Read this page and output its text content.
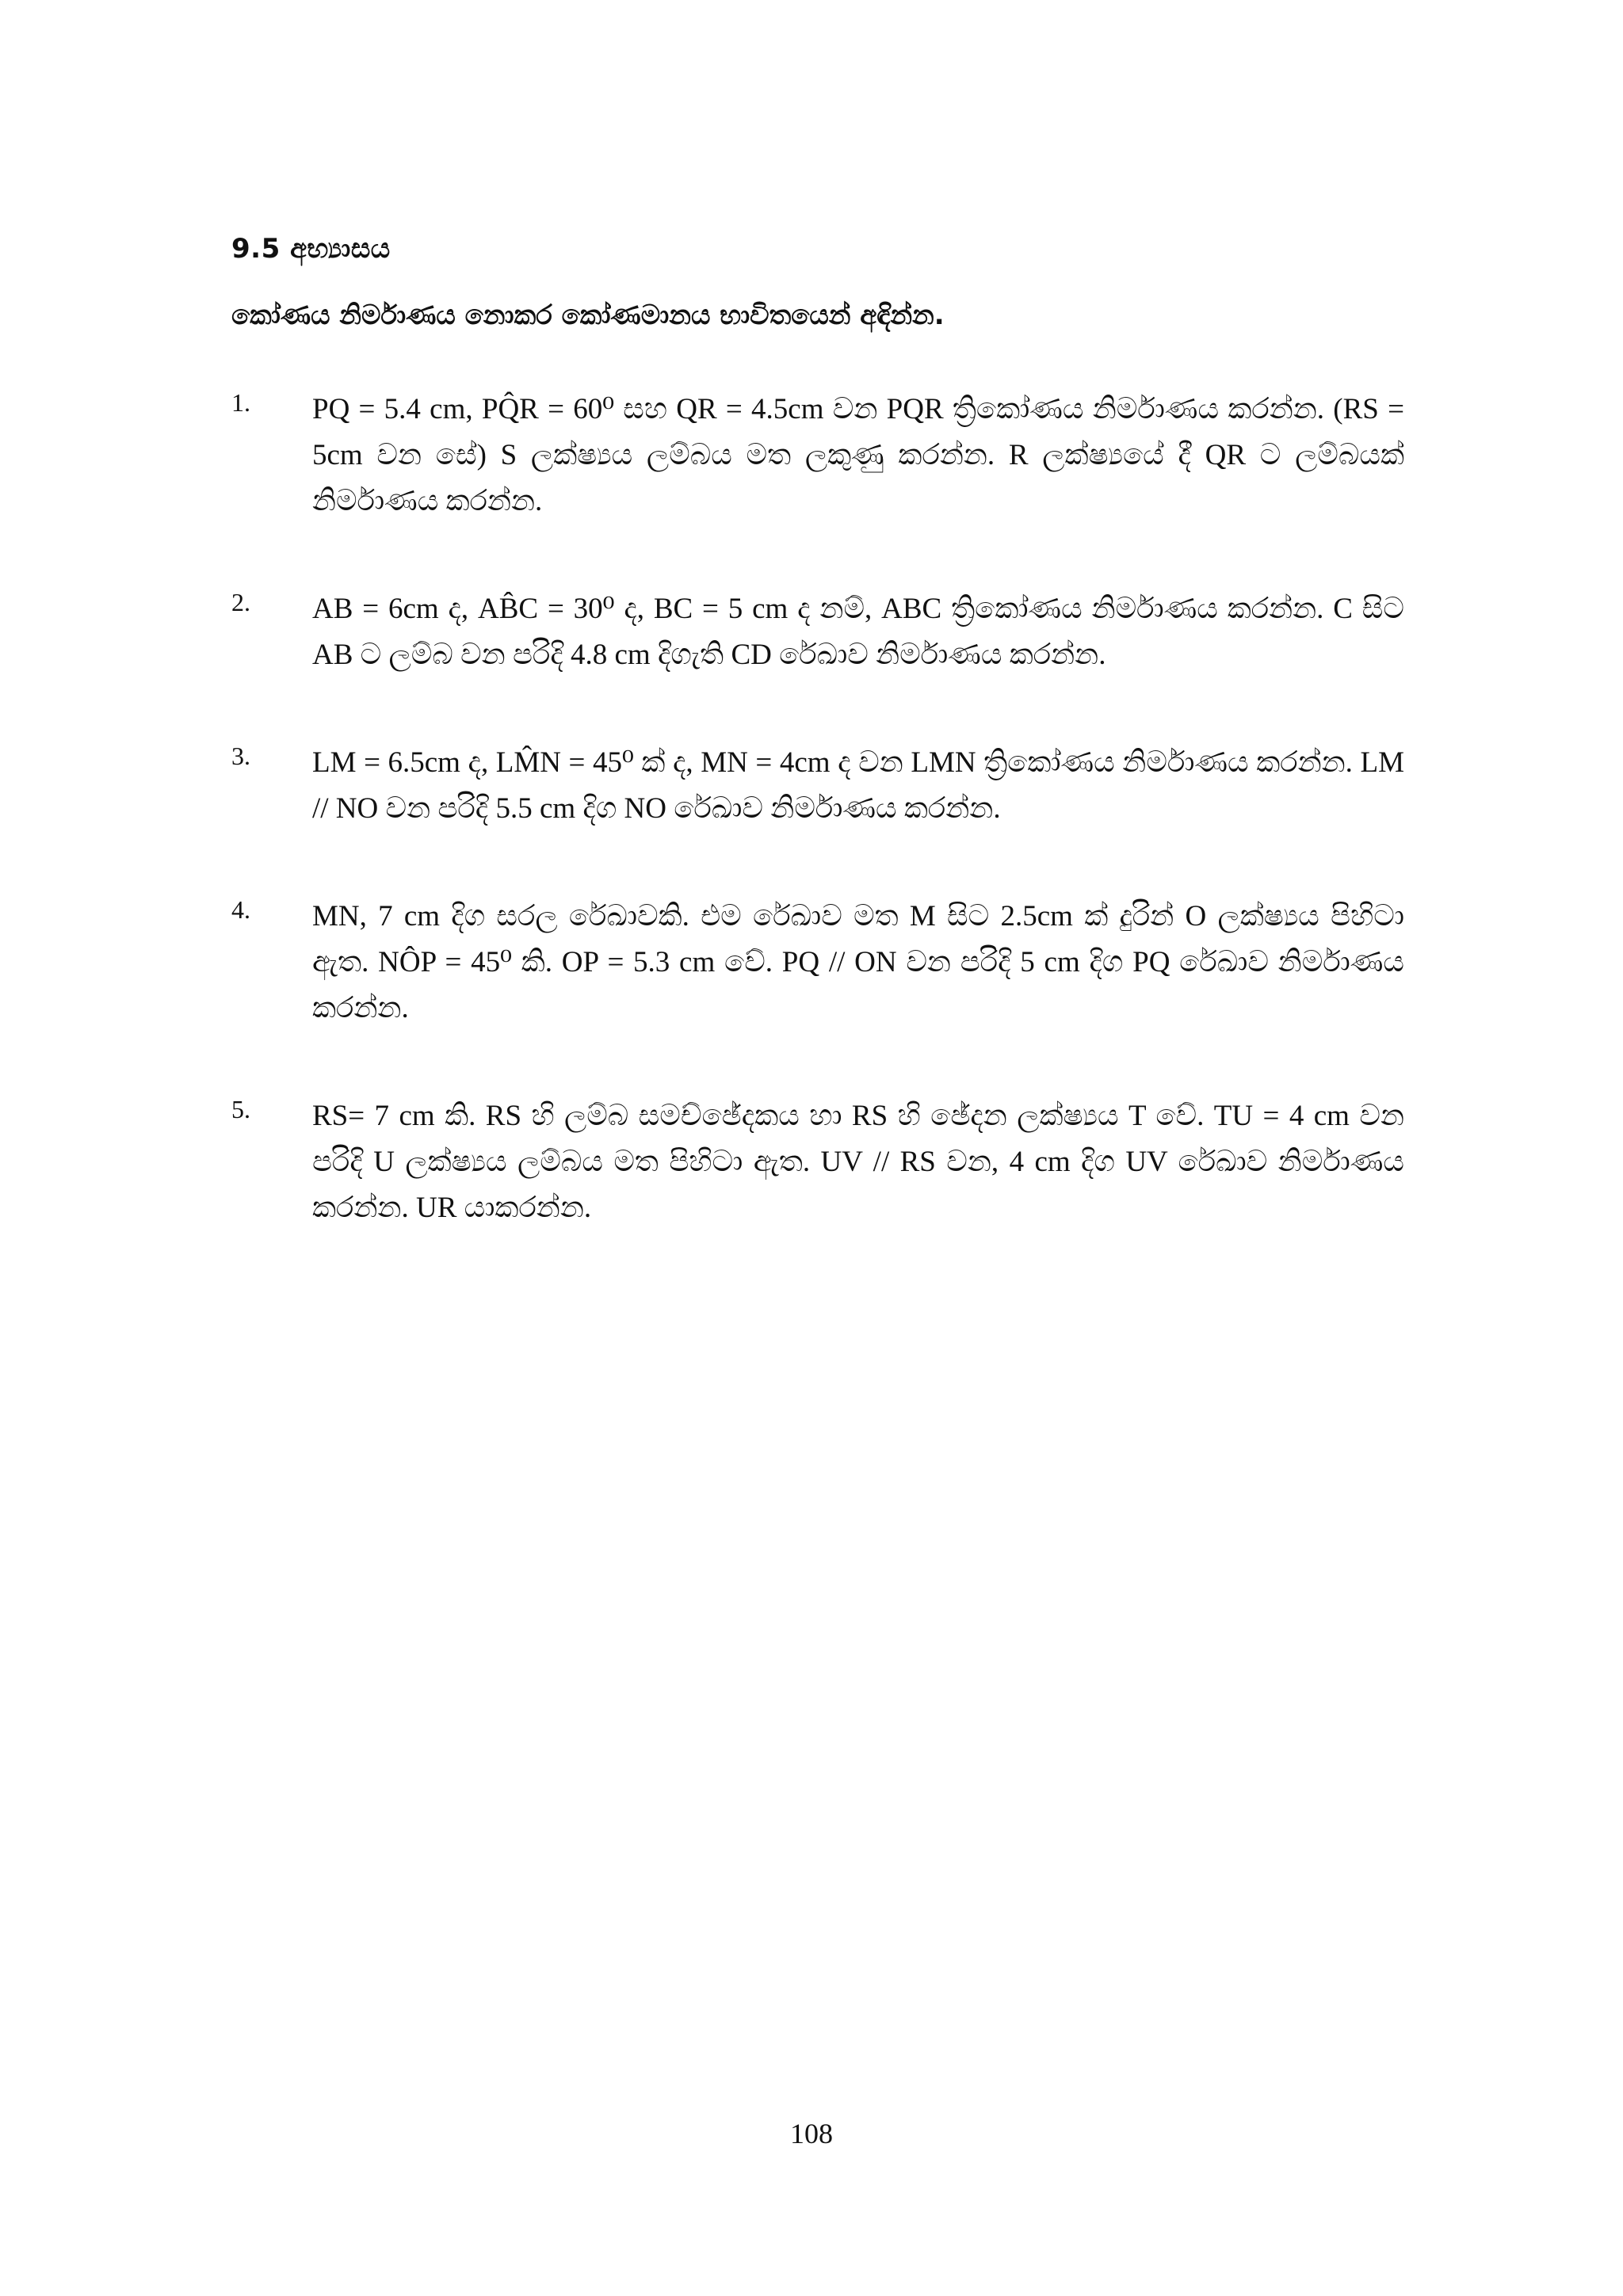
9.5 අභ්‍යාසය
කෝණය නිර්මාණය නොකර කෝණමානය භාවිතයෙන් අඳින්න.
1. PQ = 5.4 cm, PQ̂R = 60⁰ සහ QR = 4.5cm වන PQR ත්‍රිකෝණය නිර්මාණය කරන්න. (RS = 5cm වන සේ) S ලක්ෂ්‍යය ලම්බය මත ලකුණු කරන්න. R ලක්ෂ්‍යයේ දී QR ට ලම්බයක් නිර්මාණය කරන්න.
2. AB = 6cm ද, AB̂C = 30⁰ ද, BC = 5 cm ද නම්, ABC ත්‍රිකෝණය නිර්මාණය කරන්න. C සිට AB ට ලම්බ වන පරිදි 4.8 cm දිගැති CD රේඛාව නිර්මාණය කරන්න.
3. LM = 6.5cm ද, LM̂N = 45⁰ ක් ද, MN = 4cm ද වන LMN ත්‍රිකෝණය නිර්මාණය කරන්න. LM // NO වන පරිදි 5.5 cm දිග NO රේඛාව නිර්මාණය කරන්න.
4. MN, 7 cm දිග සරල රේඛාවකි. එම රේඛාව මත M සිට 2.5cm ක් දුරින් O ලක්ෂ්‍යය පිහිටා ඇත. NÔP = 45⁰ කි. OP = 5.3 cm වේ. PQ // ON වන පරිදි 5 cm දිග PQ රේඛාව නිර්මාණය කරන්න.
5. RS= 7 cm කි. RS හි ලම්බ සමච්ඡේදකය හා RS හි ඡේදන ලක්ෂ්‍යය T වේ. TU = 4 cm වන පරිදි U ලක්ෂ්‍යය ලම්බය මත පිහිටා ඇත. UV // RS වන, 4 cm දිග UV රේඛාව නිර්මාණය කරන්න. UR යාකරන්න.
108
